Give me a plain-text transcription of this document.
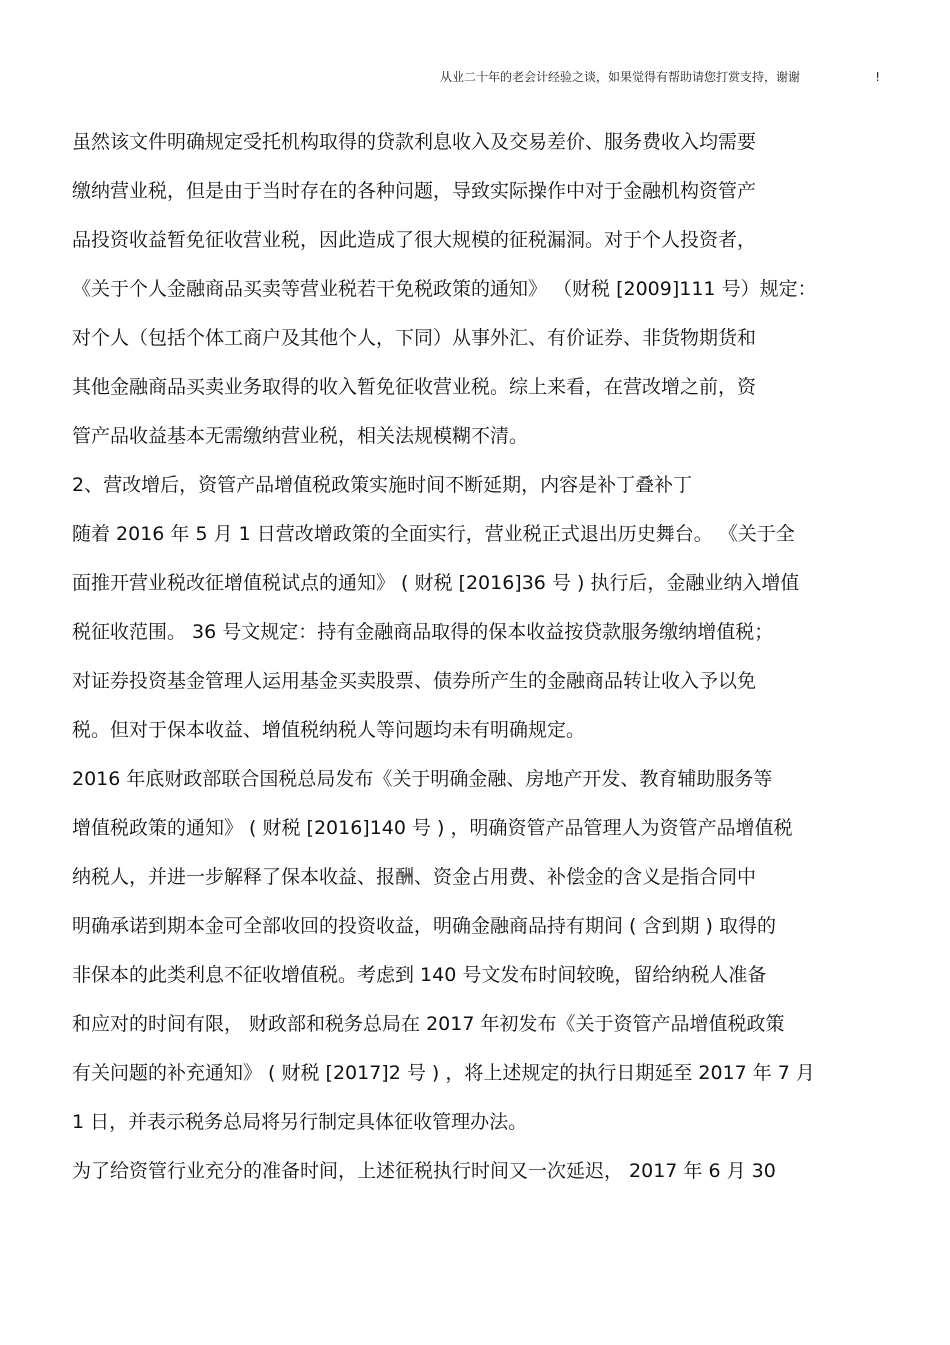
从业二十年的老会计经验之谈，如果觉得有帮助请您打赏支持，谢谢	!
虽然该文件明确规定受托机构取得的贷款利息收入及交易差价、服务费收入均需要
缴纳营业税，但是由于当时存在的各种问题，导致实际操作中对于金融机构资管产
品投资收益暂免征收营业税，因此造成了很大规模的征税漏洞。对于个人投资者，
《关于个人金融商品买卖等营业税若干免税政策的通知》 （财税 [2009]111 号）规定：
对个人（包括个体工商户及其他个人，下同）从事外汇、有价证券、非货物期货和
其他金融商品买卖业务取得的收入暂免征收营业税。综上来看，在营改增之前，资
管产品收益基本无需缴纳营业税，相关法规模糊不清。
2、营改增后，资管产品增值税政策实施时间不断延期，内容是补丁叠补丁
随着 2016 年 5 月 1 日营改增政策的全面实行，营业税正式退出历史舞台。 《关于全
面推开营业税改征增值税试点的通知》 ( 财税 [2016]36 号 ) 执行后，金融业纳入增值
税征收范围。 36 号文规定：持有金融商品取得的保本收益按贷款服务缴纳增值税；
对证券投资基金管理人运用基金买卖股票、债券所产生的金融商品转让收入予以免
税。但对于保本收益、增值税纳税人等问题均未有明确规定。
2016 年底财政部联合国税总局发布《关于明确金融、房地产开发、教育辅助服务等
增值税政策的通知》 ( 财税 [2016]140 号 ) ，明确资管产品管理人为资管产品增值税
纳税人，并进一步解释了保本收益、报酬、资金占用费、补偿金的含义是指合同中
明确承诺到期本金可全部收回的投资收益，明确金融商品持有期间 ( 含到期 ) 取得的
非保本的此类利息不征收增值税。考虑到 140 号文发布时间较晚，留给纳税人准备
和应对的时间有限， 财政部和税务总局在 2017 年初发布《关于资管产品增值税政策
有关问题的补充通知》 ( 财税 [2017]2 号 ) ，将上述规定的执行日期延至 2017 年 7 月
1 日，并表示税务总局将另行制定具体征收管理办法。
为了给资管行业充分的准备时间，上述征税执行时间又一次延迟， 2017 年 6 月 30
